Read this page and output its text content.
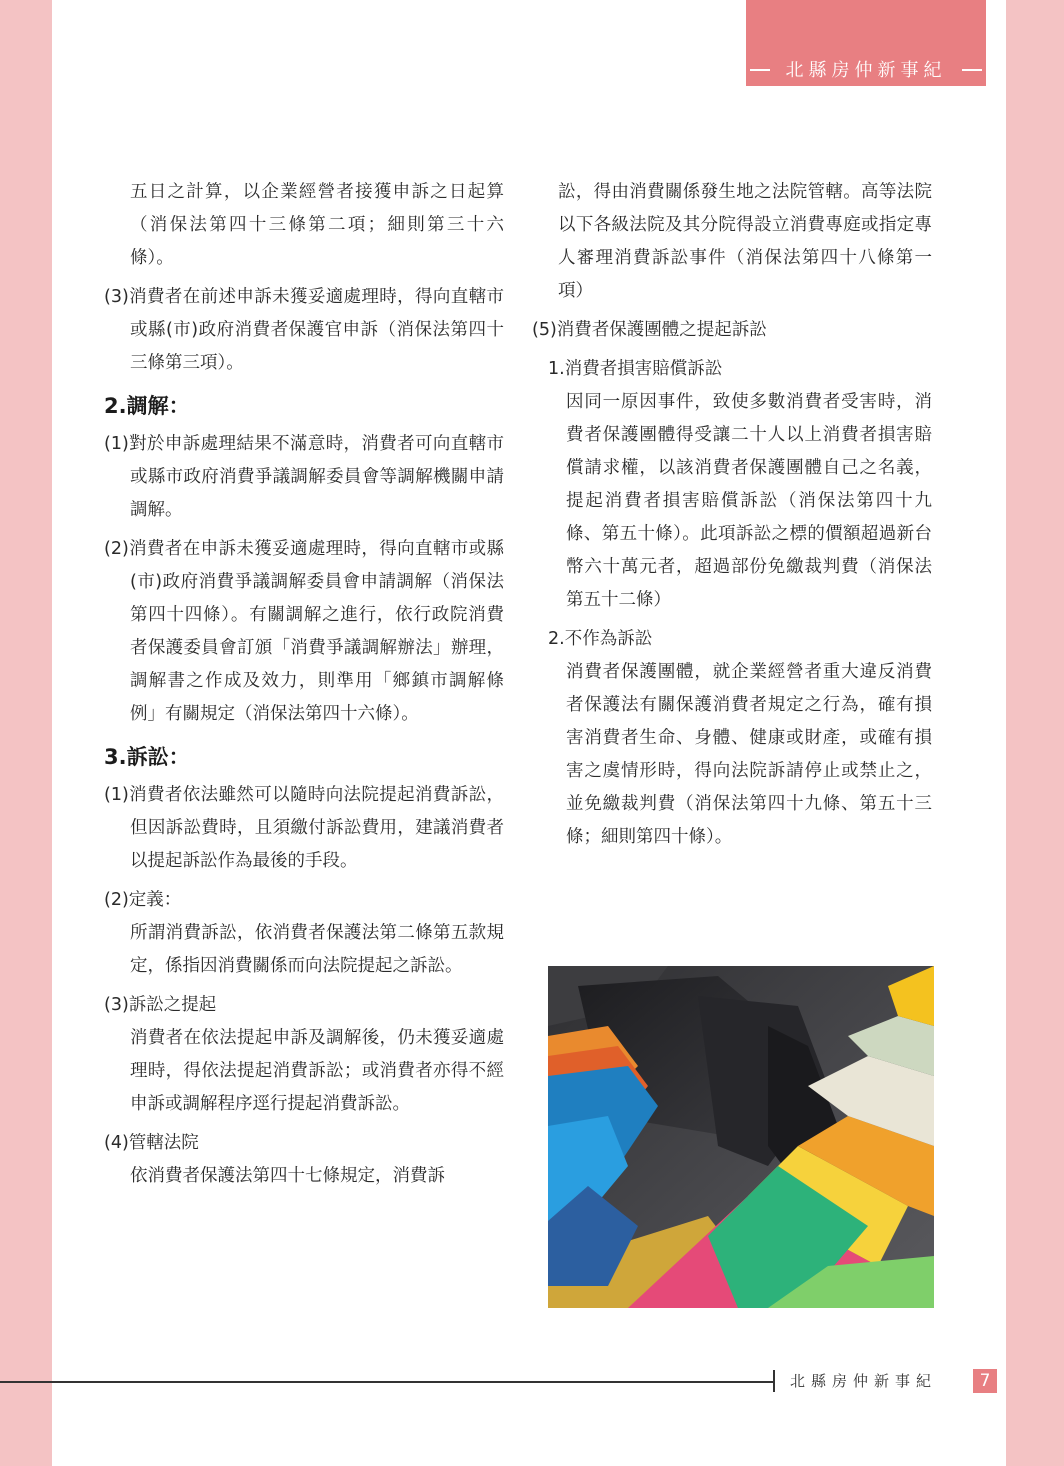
北縣房仲新事紀

五日之計算，以企業經營者接獲申訴之日起算（消保法第四十三條第二項；細則第三十六條）。

(3)消費者在前述申訴未獲妥適處理時，得向直轄市或縣(市)政府消費者保護官申訴（消保法第四十三條第三項）。

2.調解：

(1)對於申訴處理結果不滿意時，消費者可向直轄市或縣市政府消費爭議調解委員會等調解機關申請調解。

(2)消費者在申訴未獲妥適處理時，得向直轄市或縣(市)政府消費爭議調解委員會申請調解（消保法第四十四條）。有關調解之進行，依行政院消費者保護委員會訂頒「消費爭議調解辦法」辦理，調解書之作成及效力，則準用「鄉鎮市調解條例」有關規定（消保法第四十六條）。

3.訴訟：

(1)消費者依法雖然可以隨時向法院提起消費訴訟，但因訴訟費時，且須繳付訴訟費用，建議消費者以提起訴訟作為最後的手段。

(2)定義：

所謂消費訴訟，依消費者保護法第二條第五款規定，係指因消費關係而向法院提起之訴訟。

(3)訴訟之提起

消費者在依法提起申訴及調解後，仍未獲妥適處理時，得依法提起消費訴訟；或消費者亦得不經申訴或調解程序逕行提起消費訴訟。

(4)管轄法院

依消費者保護法第四十七條規定，消費訴

訟，得由消費關係發生地之法院管轄。高等法院以下各級法院及其分院得設立消費專庭或指定專人審理消費訴訟事件（消保法第四十八條第一項）

(5)消費者保護團體之提起訴訟

1.消費者損害賠償訴訟

因同一原因事件，致使多數消費者受害時，消費者保護團體得受讓二十人以上消費者損害賠償請求權，以該消費者保護團體自己之名義，提起消費者損害賠償訴訟（消保法第四十九條、第五十條）。此項訴訟之標的價額超過新台幣六十萬元者，超過部份免繳裁判費（消保法第五十二條）

2.不作為訴訟

消費者保護團體，就企業經營者重大違反消費者保護法有關保護消費者規定之行為，確有損害消費者生命、身體、健康或財產，或確有損害之虞情形時，得向法院訴請停止或禁止之，並免繳裁判費（消保法第四十九條、第五十三條；細則第四十條）。

北縣房仲新事紀	7
